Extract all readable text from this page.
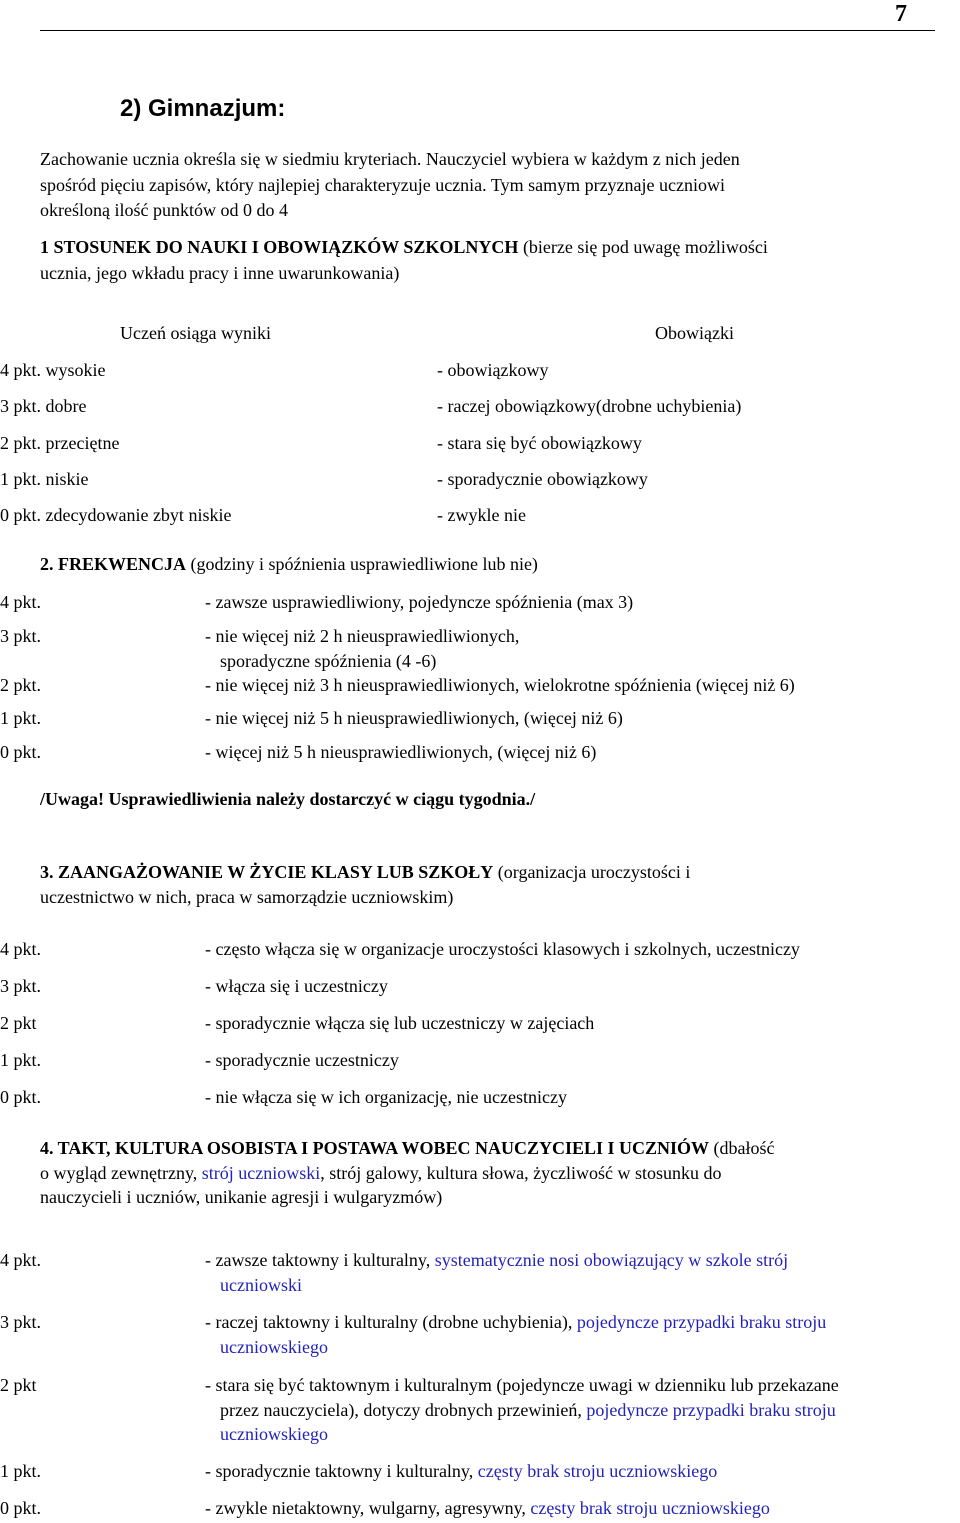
7
2) Gimnazjum:
Zachowanie ucznia określa się w siedmiu kryteriach. Nauczyciel wybiera w każdym z nich jeden
spośród pięciu zapisów, który najlepiej charakteryzuje ucznia. Tym samym przyznaje uczniowi
określoną ilość punktów od 0 do 4
1 STOSUNEK DO NAUKI I OBOWIĄZKÓW SZKOLNYCH (bierze się pod uwagę możliwości
ucznia, jego wkładu pracy i inne uwarunkowania)
Uczeń osiąga wyniki	Obowiązki
4 pkt. wysokie	- obowiązkowy
3 pkt. dobre	- raczej obowiązkowy(drobne uchybienia)
2 pkt. przeciętne	- stara się być obowiązkowy
1 pkt. niskie	- sporadycznie obowiązkowy
0 pkt. zdecydowanie zbyt niskie	- zwykle nie
2. FREKWENCJA (godziny i spóźnienia usprawiedliwione lub nie)
4 pkt.	- zawsze usprawiedliwiony, pojedyncze spóźnienia (max 3)
3 pkt.	- nie więcej niż 2 h nieusprawiedliwionych,
sporadyczne spóźnienia (4 -6)
2 pkt.	- nie więcej niż 3 h nieusprawiedliwionych, wielokrotne spóźnienia (więcej niż 6)
1 pkt.	- nie więcej niż 5 h nieusprawiedliwionych, (więcej niż 6)
0 pkt.	- więcej niż 5 h nieusprawiedliwionych, (więcej niż 6)
/Uwaga! Usprawiedliwienia należy dostarczyć w ciągu tygodnia./
3. ZAANGAŻOWANIE W ŻYCIE KLASY LUB SZKOŁY (organizacja uroczystości i
uczestnictwo w nich, praca w samorządzie uczniowskim)
4 pkt.	- często włącza się w organizacje uroczystości klasowych i szkolnych, uczestniczy
3 pkt.	- włącza się i uczestniczy
2 pkt	- sporadycznie włącza się lub uczestniczy w zajęciach
1 pkt.	- sporadycznie uczestniczy
0 pkt.	- nie włącza się w ich organizację, nie uczestniczy
4. TAKT, KULTURA OSOBISTA I POSTAWA WOBEC NAUCZYCIELI I UCZNIÓW (dbałość
o wygląd zewnętrzny, strój uczniowski, strój galowy, kultura słowa, życzliwość w stosunku do
nauczycieli i uczniów, unikanie agresji i wulgaryzmów)
4 pkt.	- zawsze taktowny i kulturalny, systematycznie nosi obowiązujący w szkole strój
uczniowski
3 pkt.	- raczej taktowny i kulturalny (drobne uchybienia), pojedyncze przypadki braku stroju
uczniowskiego
2 pkt	- stara się być taktownym i kulturalnym (pojedyncze uwagi w dzienniku lub przekazane
przez nauczyciela), dotyczy drobnych przewinień, pojedyncze przypadki braku stroju
uczniowskiego
1 pkt.	- sporadycznie taktowny i kulturalny, częsty brak stroju uczniowskiego
0 pkt.	- zwykle nietaktowny, wulgarny, agresywny, częsty brak stroju uczniowskiego
